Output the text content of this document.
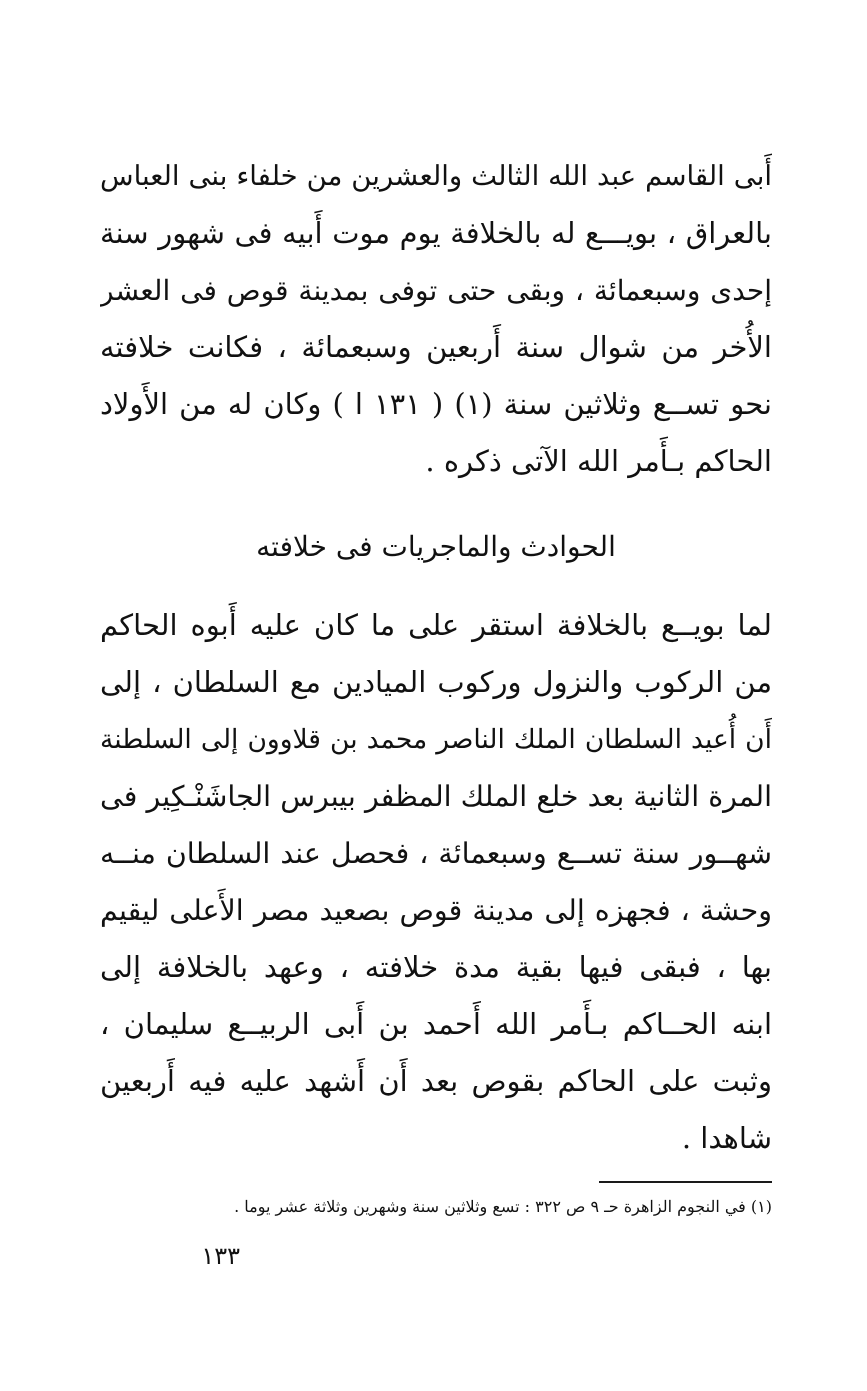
أَبى القاسم عبد الله الثالث والعشرين من خلفاء بنى العباس
بالعراق ، بويـــع له بالخلافة يوم موت أَبيه فى شهور سنة
إحدى وسبعمائة ، وبقى حتى توفى بمدينة قوص فى العشر
الأُخر من شوال سنة أَربعين وسبعمائة ، فكانت خلافته
نحو تســع وثلاثين سنة (١) ( ١٣١ ا ) وكان له من الأَولاد
الحاكم بـأَمر الله الآتى ذكره .
الحوادث والماجريات فى خلافته
لما بويــع بالخلافة استقر على ما كان عليه أَبوه الحاكم
من الركوب والنزول وركوب الميادين مع السلطان ، إلى
أَن أُعيد السلطان الملك الناصر محمد بن قلاوون إلى السلطنة
المرة الثانية بعد خلع الملك المظفر بيبرس الجاشَنْـكِير فى
شهــور سنة تســع وسبعمائة ، فحصل عند السلطان منــه
وحشة ، فجهزه إلى مدينة قوص بصعيد مصر الأَعلى ليقيم
بها ، فبقى فيها بقية مدة خلافته ، وعهد بالخلافة إلى
ابنه الحــاكم بـأَمر الله أَحمد بن أَبى الربيــع سليمان ،
وثبت على الحاكم بقوص بعد أَن أَشهد عليه فيه أَربعين
شاهدا .
(١) في النجوم الزاهرة حـ ٩ ص ٣٢٢ : تسع وثلاثين سنة وشهرين وثلاثة عشر يوما .
١٣٣
